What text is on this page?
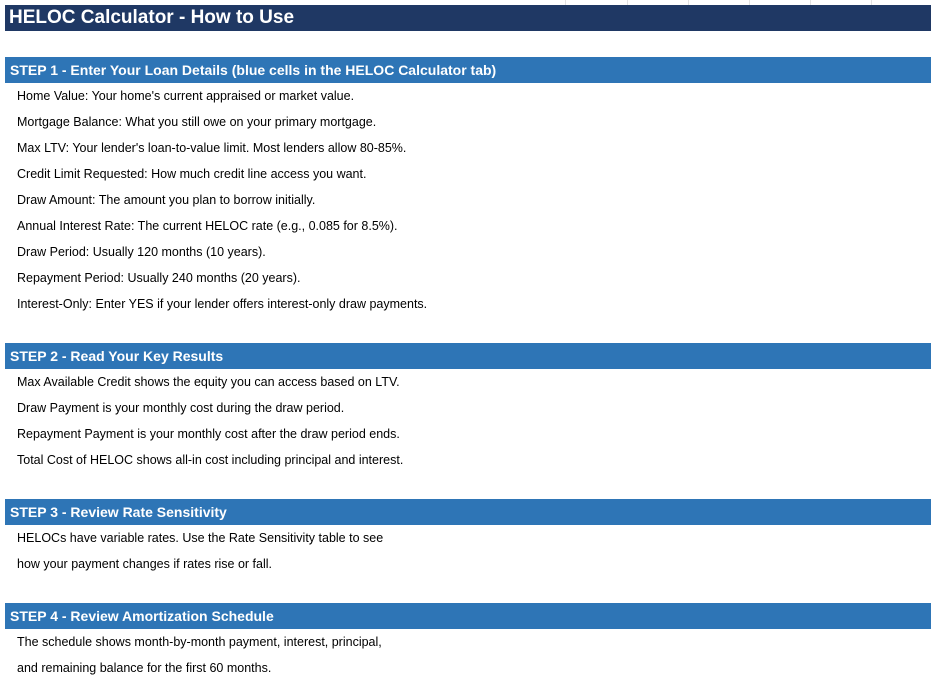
HELOC Calculator - How to Use
STEP 1 - Enter Your Loan Details (blue cells in the HELOC Calculator tab)
Home Value: Your home's current appraised or market value.
Mortgage Balance: What you still owe on your primary mortgage.
Max LTV: Your lender's loan-to-value limit. Most lenders allow 80-85%.
Credit Limit Requested: How much credit line access you want.
Draw Amount: The amount you plan to borrow initially.
Annual Interest Rate: The current HELOC rate (e.g., 0.085 for 8.5%).
Draw Period: Usually 120 months (10 years).
Repayment Period: Usually 240 months (20 years).
Interest-Only: Enter YES if your lender offers interest-only draw payments.
STEP 2 - Read Your Key Results
Max Available Credit shows the equity you can access based on LTV.
Draw Payment is your monthly cost during the draw period.
Repayment Payment is your monthly cost after the draw period ends.
Total Cost of HELOC shows all-in cost including principal and interest.
STEP 3 - Review Rate Sensitivity
HELOCs have variable rates. Use the Rate Sensitivity table to see
how your payment changes if rates rise or fall.
STEP 4 - Review Amortization Schedule
The schedule shows month-by-month payment, interest, principal,
and remaining balance for the first 60 months.
